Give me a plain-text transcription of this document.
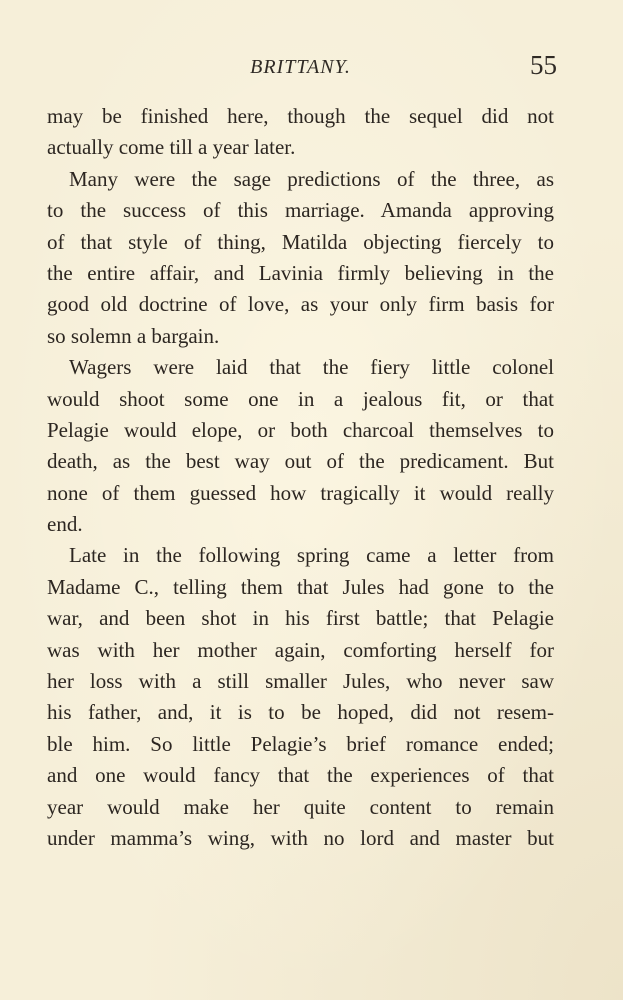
BRITTANY.	55

may be finished here, though the sequel did not
actually come till a year later.

Many were the sage predictions of the three, as
to the success of this marriage. Amanda approving
of that style of thing, Matilda objecting fiercely to
the entire affair, and Lavinia firmly believing in the
good old doctrine of love, as your only firm basis for
so solemn a bargain.

Wagers were laid that the fiery little colonel
would shoot some one in a jealous fit, or that
Pelagie would elope, or both charcoal themselves to
death, as the best way out of the predicament. But
none of them guessed how tragically it would really
end.

Late in the following spring came a letter from
Madame C., telling them that Jules had gone to the
war, and been shot in his first battle; that Pelagie
was with her mother again, comforting herself for
her loss with a still smaller Jules, who never saw
his father, and, it is to be hoped, did not resem-
ble him. So little Pelagie’s brief romance ended;
and one would fancy that the experiences of that
year would make her quite content to remain
under mamma’s wing, with no lord and master but
